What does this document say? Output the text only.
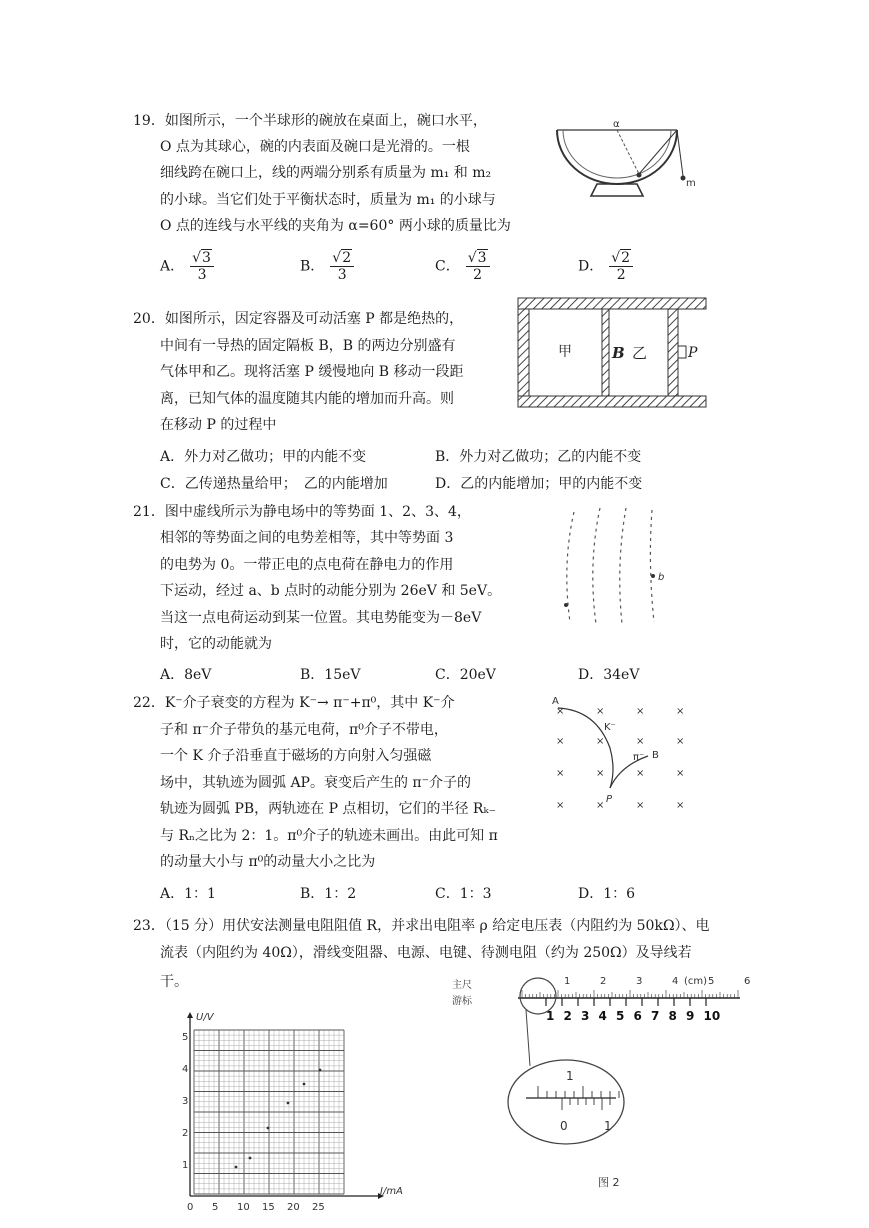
19．如图所示，一个半球形的碗放在桌面上，碗口水平，
O 点为其球心，碗的内表面及碗口是光滑的。一根
细线跨在碗口上，线的两端分别系有质量为 m₁ 和 m₂
的小球。当它们处于平衡状态时，质量为 m₁ 的小球与
O 点的连线与水平线的夹角为 α=60° 两小球的质量比为
A． $\frac{√3}{3}$	B． $\frac{√2}{3}$	C． $\frac{√3}{2}$	D． $\frac{√2}{2}$
α
m
20．如图所示，因定容器及可动活塞 P 都是绝热的，
中间有一导热的固定隔板 B，B 的两边分别盛有
气体甲和乙。现将活塞 P 缓慢地向 B 移动一段距
离，已知气体的温度随其内能的增加而升高。则
在移动 P 的过程中
A．外力对乙做功；甲的内能不变	B．外力对乙做功；乙的内能不变
C．乙传递热量给甲；　乙的内能增加	D．乙的内能增加；甲的内能不变
甲	B 乙	P
21．图中虚线所示为静电场中的等势面 1、2、3、4，
相邻的等势面之间的电势差相等，其中等势面 3
的电势为 0。一带正电的点电荷在静电力的作用
下运动，经过 a、b 点时的动能分别为 26eV 和 5eV。
当这一点电荷运动到某一位置。其电势能变为－8eV
时，它的动能就为
A．8eV	B．15eV	C．20eV	D．34eV
b
22．K⁻介子衰变的方程为 K⁻→ π⁻+π⁰，其中 K⁻介
子和 π⁻介子带负的基元电荷，π⁰介子不带电，
一个 K 介子沿垂直于磁场的方向射入匀强磁
场中，其轨迹为圆弧 AP。衰变后产生的 π⁻介子的
轨迹为圆弧 PB，两轨迹在 P 点相切，它们的半径 Rₖ₋
与 Rₙ之比为 2：1。π⁰介子的轨迹未画出。由此可知 π
的动量大小与 π⁰的动量大小之比为
A．1：1	B．1：2	C．1：3	D．1：6
×	×	×	×
×	×	×	×
×	×	×	×
×	×	×	×
A
K⁻
π⁻ B
P
23．（15 分）用伏安法测量电阻阻值 R，并求出电阻率 ρ 给定电压表（内阻约为 50kΩ）、电
流表（内阻约为 40Ω），滑线变阻器、电源、电键、待测电阻（约为 250Ω）及导线若
干。
U/V
I/mA
1
2
3
4
5
0 5 10 15 20 25
主尺
游标
(cm)
1	2	3	4	5	6
1 2 3 4 5 6 7 8 9 10
1
0	1
图 2
